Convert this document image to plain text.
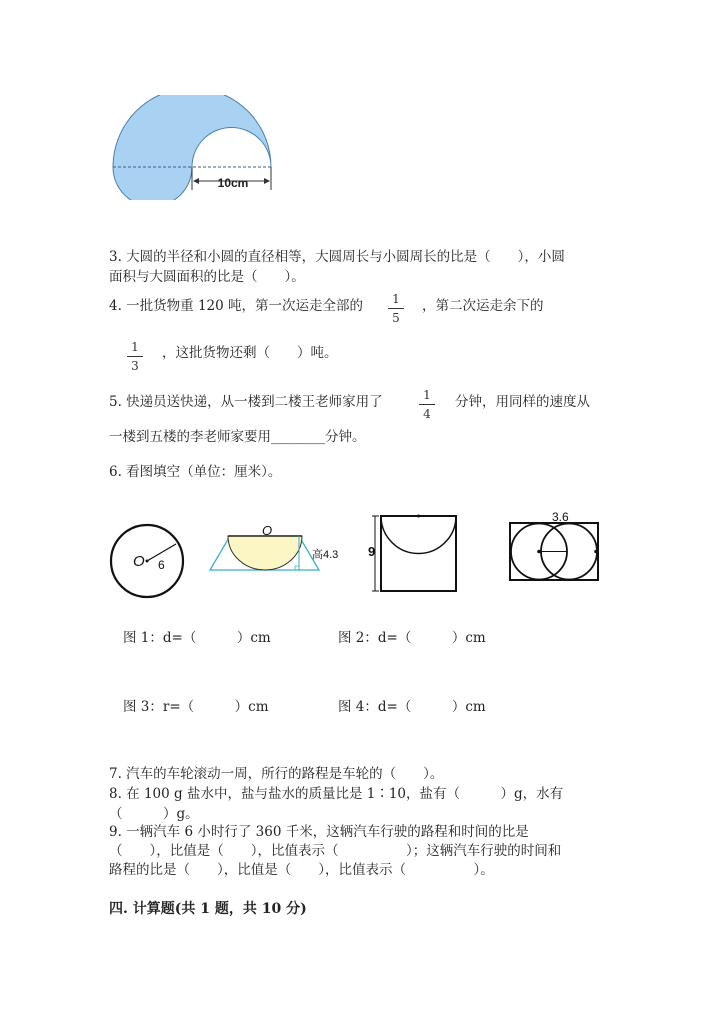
10cm
3. 大圆的半径和小圆的直径相等，大圆周长与小圆周长的比是（　　），小圆
面积与大圆面积的比是（　　）。
4. 一批货物重 120 吨，第一次运走全部的	1
5
，第二次运走余下的
1
3
，这批货物还剩（　　）吨。
5. 快递员送快递，从一楼到二楼王老师家用了	1
4
分钟，用同样的速度从
一楼到五楼的李老师家要用________分钟。
6. 看图填空（单位：厘米）。
O 6
O
高4.3 9
3.6
图 1：d=（　　　）cm	图 2：d=（　　　）cm
图 3：r=（　　　）cm	图 4：d=（　　　）cm
7. 汽车的车轮滚动一周，所行的路程是车轮的（　　）。
8. 在 100 g 盐水中，盐与盐水的质量比是 1∶10，盐有（　　　）g，水有
（　　　）g。
9. 一辆汽车 6 小时行了 360 千米，这辆汽车行驶的路程和时间的比是
（　　），比值是（　　），比值表示（　　　　　）；这辆汽车行驶的时间和
路程的比是（　　），比值是（　　），比值表示（　　　　　）。
四. 计算题(共 1 题，共 10 分)
